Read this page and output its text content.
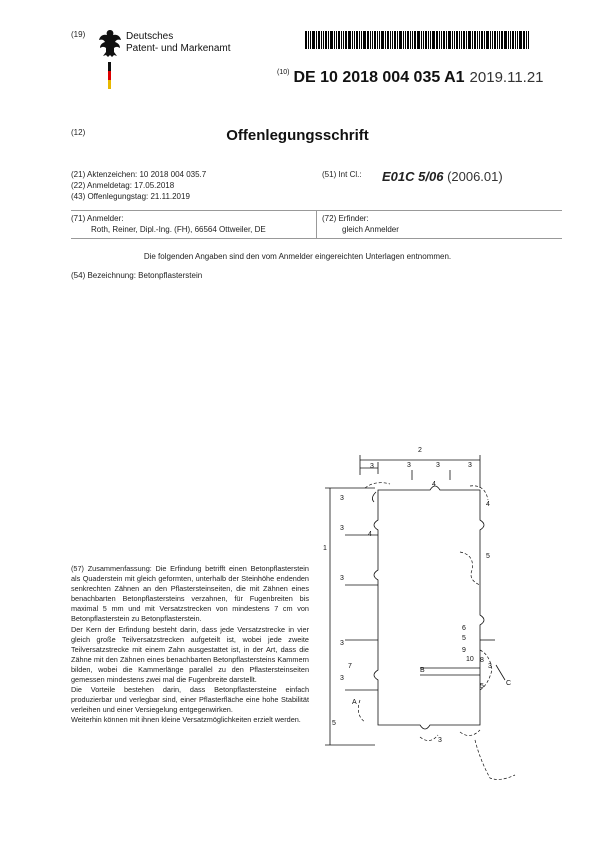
(19)	Deutsches
Patent- und Markenamt
$^{(10)}$ DE 10 2018 004 035 A1 2019.11.21
(12)	Offenlegungsschrift
(21) Aktenzeichen: 10 2018 004 035.7
(22) Anmeldetag: 17.05.2018
(43) Offenlegungstag: 21.11.2019
(51) Int Cl.: E01C 5/06 (2006.01)
(71) Anmelder:
Roth, Reiner, Dipl.-Ing. (FH), 66564 Ottweiler, DE
(72) Erfinder:
gleich Anmelder
Die folgenden Angaben sind den vom Anmelder eingereichten Unterlagen entnommen.
(54) Bezeichnung: Betonpflasterstein

(57) Zusammenfassung: Die Erfindung betrifft einen Betonpflasterstein als Quaderstein mit gleich geformten, unterhalb der Steinhöhe endenden senkrechten Zähnen an den Pflastersteinseiten, die mit Zähnen eines benachbarten Betonpflastersteins verzahnen, für Fugenbreiten bis maximal 5 mm und mit Versatzstrecken von mindestens 7 cm von Betonpflasterstein zu Betonpflasterstein.

Der Kern der Erfindung besteht darin, dass jede Versatzstrecke in vier gleich große Teilversatzstrecken aufgeteilt ist, wobei jede zweite Teilversatzstrecke mit einem Zahn ausgestattet ist, in der Art, dass die Zähne mit den Zähnen eines benachbarten Betonpflastersteins Kammern bilden, wobei die Kammerlänge parallel zu den Pflastersteinseiten gemessen mindestens zwei mal die Fugenbreite darstellt.

Die Vorteile bestehen darin, dass Betonpflastersteine einfach produzierbar und verlegbar sind, einer Pflasterfläche eine hohe Stabilität verleihen und einer Versiegelung entgegenwirken.

Weiterhin können mit ihnen kleine Versatzmöglichkeiten erzielt werden.

2
3	3	3	3
4
1
3
3
3
4
4
5
6
5
9
10 8
3
C
5
3
7
3
A
5
3
B
